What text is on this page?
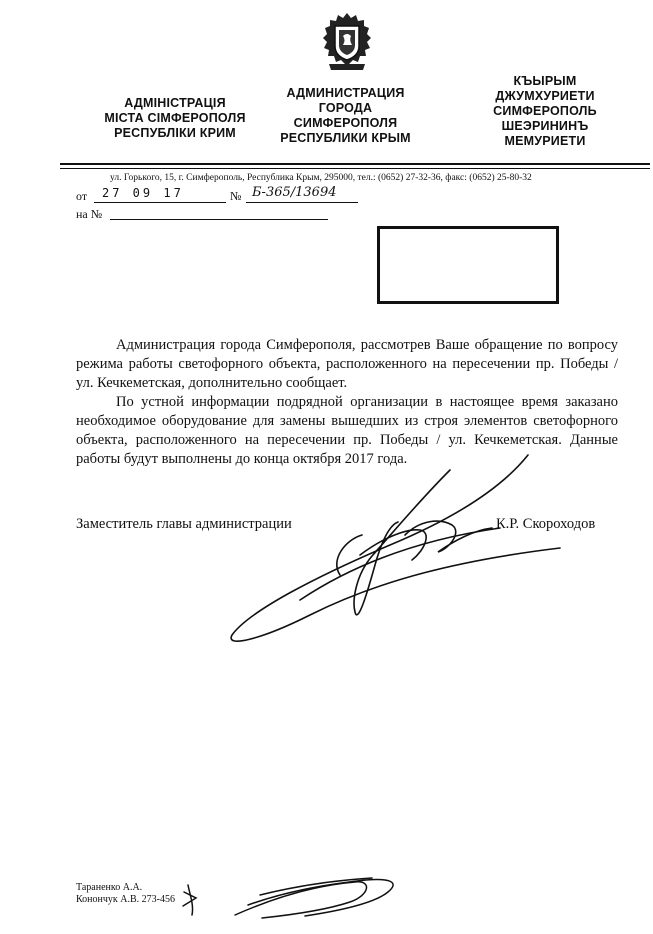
АДМІНІСТРАЦІЯ
МІСТА СІМФЕРОПОЛЯ
РЕСПУБЛІКИ КРИМ
АДМИНИСТРАЦИЯ
ГОРОДА
СИМФЕРОПОЛЯ
РЕСПУБЛИКИ КРЫМ
КЪЫРЫМ
ДЖУМХУРИЕТИ
СИМФЕРОПОЛЬ
ШЕЭРИНИНЪ
МЕМУРИЕТИ
ул. Горького, 15, г. Симферополь, Республика Крым, 295000, тел.: (0652) 27-32-36, факс: (0652) 25-80-32
от 27 09 17	№ Б-365/13694
на №

Администрация города Симферополя, рассмотрев Ваше обращение по вопросу режима работы светофорного объекта, расположенного на пересечении пр. Победы / ул. Кечкеметская, дополнительно сообщает.

По устной информации подрядной организации в настоящее время заказано необходимое оборудование для замены вышедших из строя элементов светофорного объекта, расположенного на пересечении пр. Победы / ул. Кечкеметская. Данные работы будут выполнены до конца октября 2017 года.

Заместитель главы администрации	К.Р. Скороходов
Тараненко А.А.
Конончук А.В. 273-456
